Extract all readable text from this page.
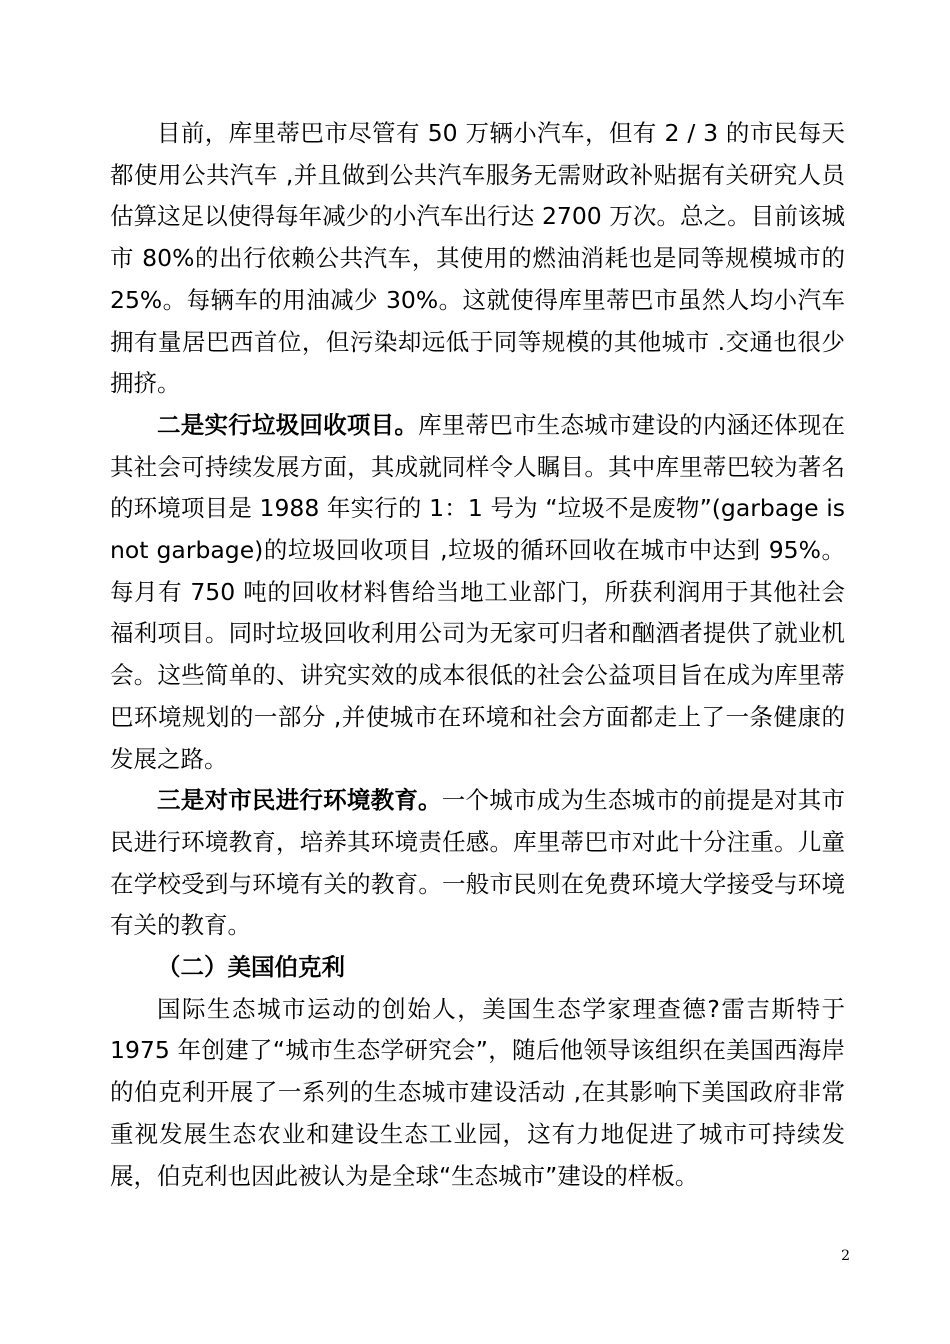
目前，库里蒂巴市尽管有 50 万辆小汽车，但有 2 / 3 的市民每天都使用公共汽车 ,并且做到公共汽车服务无需财政补贴据有关研究人员估算这足以使得每年减少的小汽车出行达 2700 万次。总之。目前该城市 80%的出行依赖公共汽车，其使用的燃油消耗也是同等规模城市的 25%。每辆车的用油减少 30%。这就使得库里蒂巴市虽然人均小汽车拥有量居巴西首位，但污染却远低于同等规模的其他城市 .交通也很少拥挤。

二是实行垃圾回收项目。库里蒂巴市生态城市建设的内涵还体现在其社会可持续发展方面，其成就同样令人瞩目。其中库里蒂巴较为著名的环境项目是 1988 年实行的 1：1 号为 “垃圾不是废物”(garbage is not garbage)的垃圾回收项目 ,垃圾的循环回收在城市中达到 95%。每月有 750 吨的回收材料售给当地工业部门，所获利润用于其他社会福利项目。同时垃圾回收利用公司为无家可归者和酗酒者提供了就业机会。这些简单的、讲究实效的成本很低的社会公益项目旨在成为库里蒂巴环境规划的一部分 ,并使城市在环境和社会方面都走上了一条健康的发展之路。

三是对市民进行环境教育。一个城市成为生态城市的前提是对其市民进行环境教育，培养其环境责任感。库里蒂巴市对此十分注重。儿童在学校受到与环境有关的教育。一般市民则在免费环境大学接受与环境有关的教育。

（二）美国伯克利

国际生态城市运动的创始人，美国生态学家理查德?雷吉斯特于 1975 年创建了“城市生态学研究会”，随后他领导该组织在美国西海岸的伯克利开展了一系列的生态城市建设活动 ,在其影响下美国政府非常重视发展生态农业和建设生态工业园，这有力地促进了城市可持续发展，伯克利也因此被认为是全球“生态城市”建设的样板。

2
